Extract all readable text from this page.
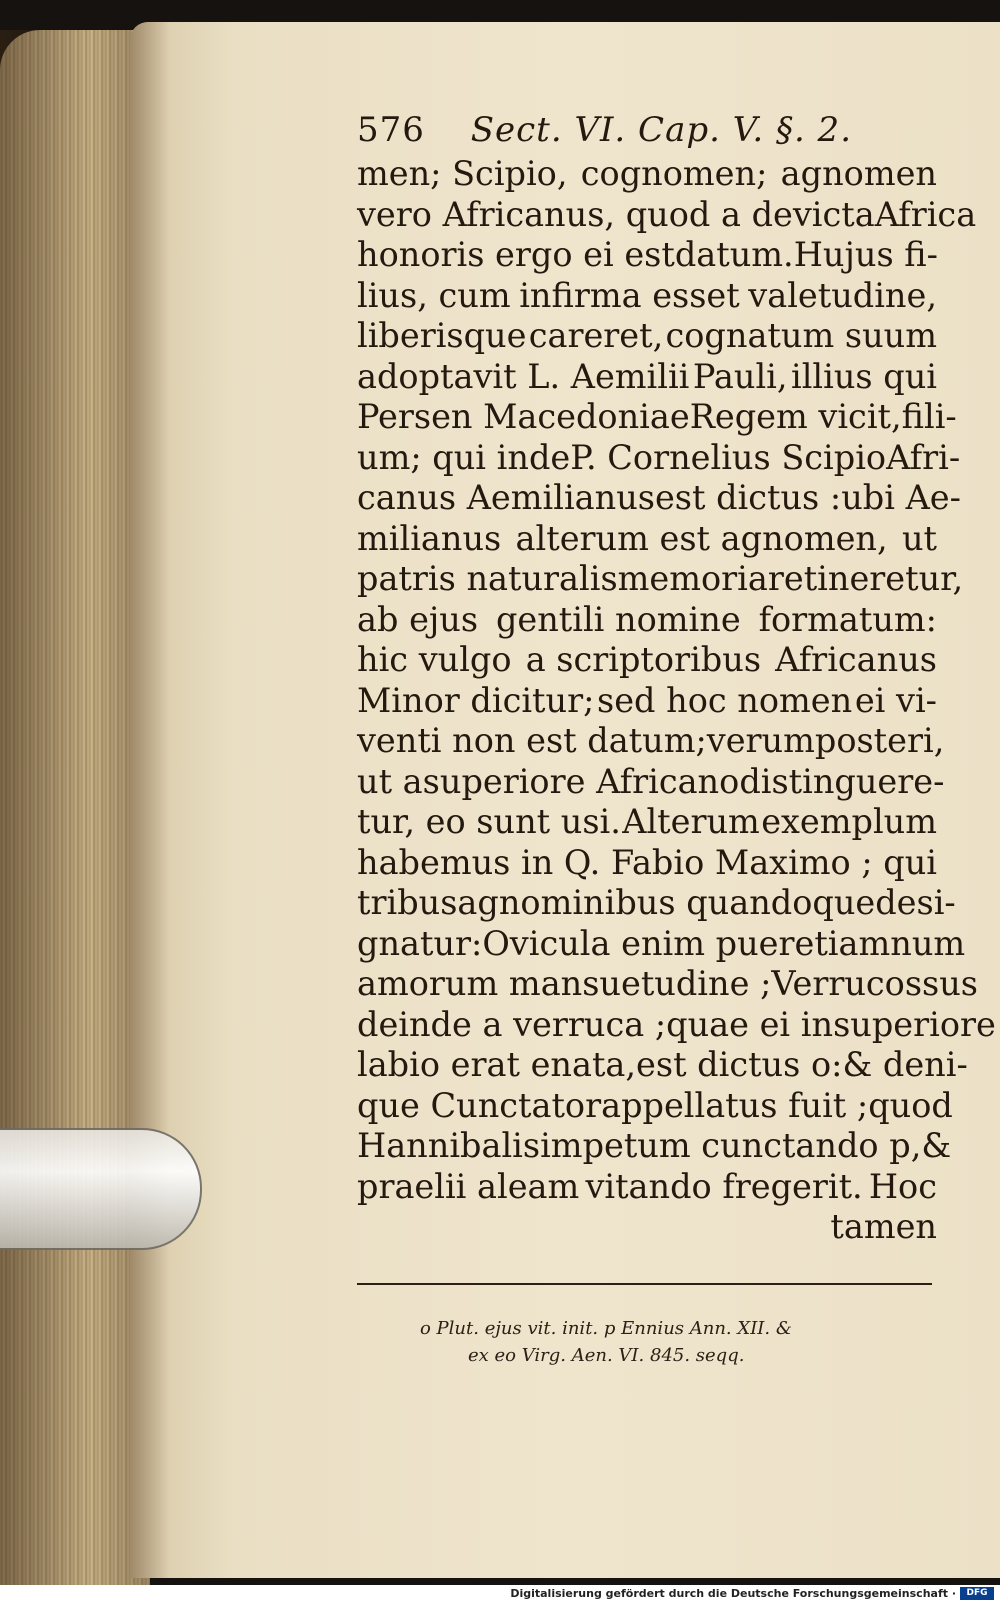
576 Sect. VI. Cap. V. §. 2.
men; Scipio, cognomen; agnomen
vero Africanus , quod a devicta Africa
honoris ergo ei est datum. Hujus fi-
lius, cum infirma esset valetudine,
liberisque careret, cognatum suum
adoptavit L. Aemilii Pauli, illius qui
Persen Macedoniae Regem vicit, fili-
um; qui inde P. Cornelius Scipio Afri-
canus Aemilianus est dictus : ubi Ae-
milianus alterum est agnomen, ut
patris naturalis memoria retineretur,
ab ejus gentili nomine formatum:
hic vulgo a scriptoribus Africanus
Minor dicitur; sed hoc nomen ei vi-
venti non est datum; verum posteri,
ut a superiore Africano distinguere-
tur, eo sunt usi. Alterum exemplum
habemus in Q. Fabio Maximo ; qui
tribus agnominibus quandoque desi-
gnatur: Ovicula enim puer etiamnum
a morum mansuetudine ; Verrucossus
deinde a verruca ; quae ei in superiore
labio erat enata, est dictus o: & deni-
que Cunctator appellatus fuit ; quod
Hannibalis impetum cunctando p, &
praelii aleam vitando fregerit. Hoc
tamen
o Plut. ejus vit. init. p Ennius Ann. XII. &
ex eo Virg. Aen. VI. 845. seqq.
Digitalisierung gefördert durch die Deutsche Forschungsgemeinschaft ·	DFG
